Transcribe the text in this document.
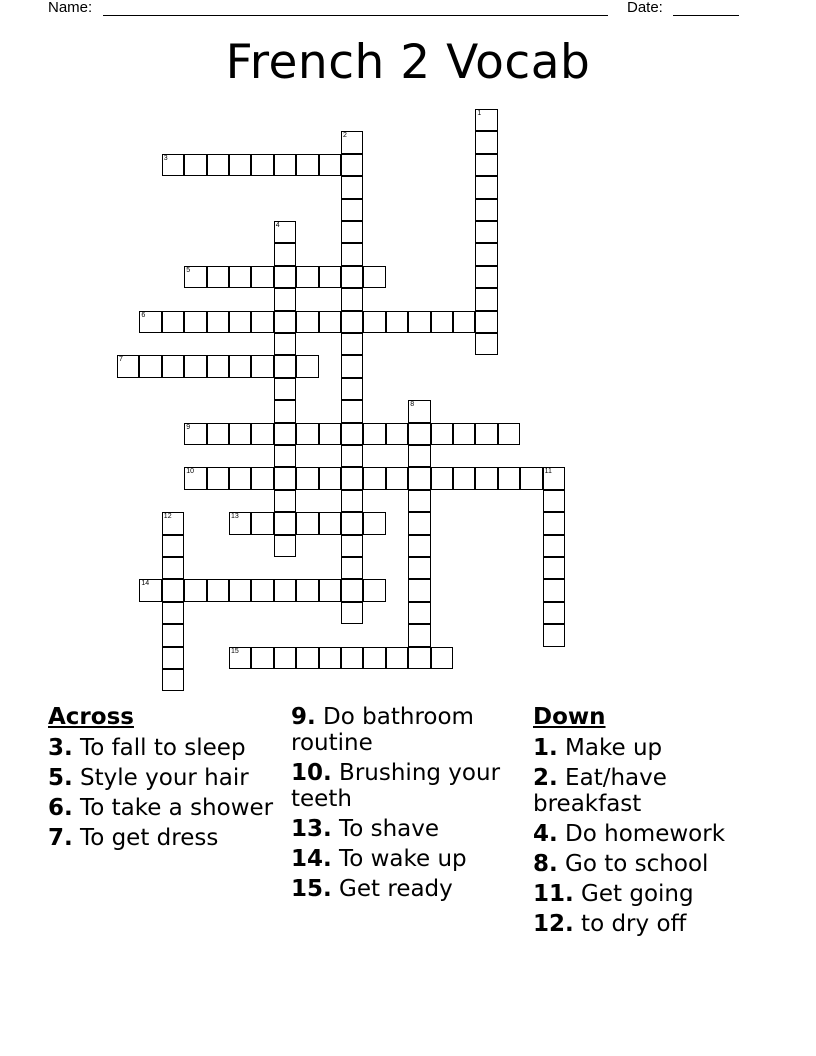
Name:	Date:
French 2 Vocab
1
2
3
4
5
6
7
8
9
10	11
12	13
14
15
Across
3. To fall to sleep
5. Style your hair
6. To take a shower
7. To get dress
9. Do bathroom routine
10. Brushing your teeth
13. To shave
14. To wake up
15. Get ready
Down
1. Make up
2. Eat/have breakfast
4. Do homework
8. Go to school
11. Get going
12. to dry off
